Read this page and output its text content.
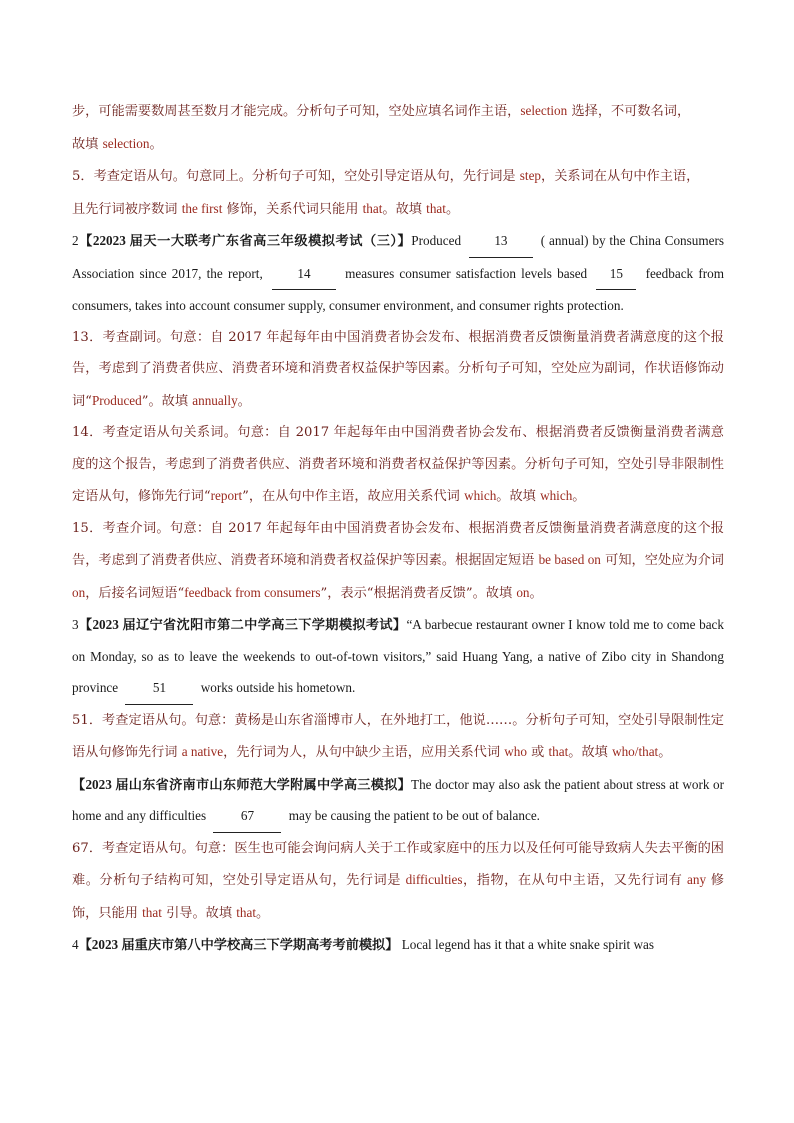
步，可能需要数周甚至数月才能完成。分析句子可知，空处应填名词作主语，selection 选择，不可数名词，
故填 selection。

5．考查定语从句。句意同上。分析句子可知，空处引导定语从句，先行词是 step，关系词在从句中作主语，
且先行词被序数词 the first 修饰，关系代词只能用 that。故填 that。

2【22023 届天一大联考广东省高三年级模拟考试（三）】Produced 13 ( annual) by the China Consumers Association since 2017, the report, 14 measures consumer satisfaction levels based 15 feedback from consumers, takes into account consumer supply, consumer environment, and consumer rights protection.

13．考查副词。句意：自 2017 年起每年由中国消费者协会发布、根据消费者反馈衡量消费者满意度的这个报告，考虑到了消费者供应、消费者环境和消费者权益保护等因素。分析句子可知，空处应为副词，作状语修饰动词“Produced”。故填 annually。

14．考查定语从句关系词。句意：自 2017 年起每年由中国消费者协会发布、根据消费者反馈衡量消费者满意度的这个报告，考虑到了消费者供应、消费者环境和消费者权益保护等因素。分析句子可知，空处引导非限制性定语从句，修饰先行词“report”，在从句中作主语，故应用关系代词 which。故填 which。

15．考查介词。句意：自 2017 年起每年由中国消费者协会发布、根据消费者反馈衡量消费者满意度的这个报告，考虑到了消费者供应、消费者环境和消费者权益保护等因素。根据固定短语 be based on 可知，空处应为介词 on，后接名词短语“feedback from consumers”，表示“根据消费者反馈”。故填 on。

3【2023 届辽宁省沈阳市第二中学高三下学期模拟考试】“A barbecue restaurant owner I know told me to come back on Monday, so as to leave the weekends to out-of-town visitors,” said Huang Yang, a native of Zibo city in Shandong province 51 works outside his hometown.

51．考查定语从句。句意：黄杨是山东省淄博市人，在外地打工，他说……。分析句子可知，空处引导限制性定语从句修饰先行词 a native，先行词为人，从句中缺少主语，应用关系代词 who 或 that。故填 who/that。

【2023 届山东省济南市山东师范大学附属中学高三模拟】The doctor may also ask the patient about stress at work or home and any difficulties 67 may be causing the patient to be out of balance.

67．考查定语从句。句意：医生也可能会询问病人关于工作或家庭中的压力以及任何可能导致病人失去平衡的困难。分析句子结构可知，空处引导定语从句，先行词是 difficulties，指物，在从句中主语，又先行词有 any 修饰，只能用 that 引导。故填 that。

4【2023 届重庆市第八中学校高三下学期高考考前模拟】 Local legend has it that a white snake spirit was
